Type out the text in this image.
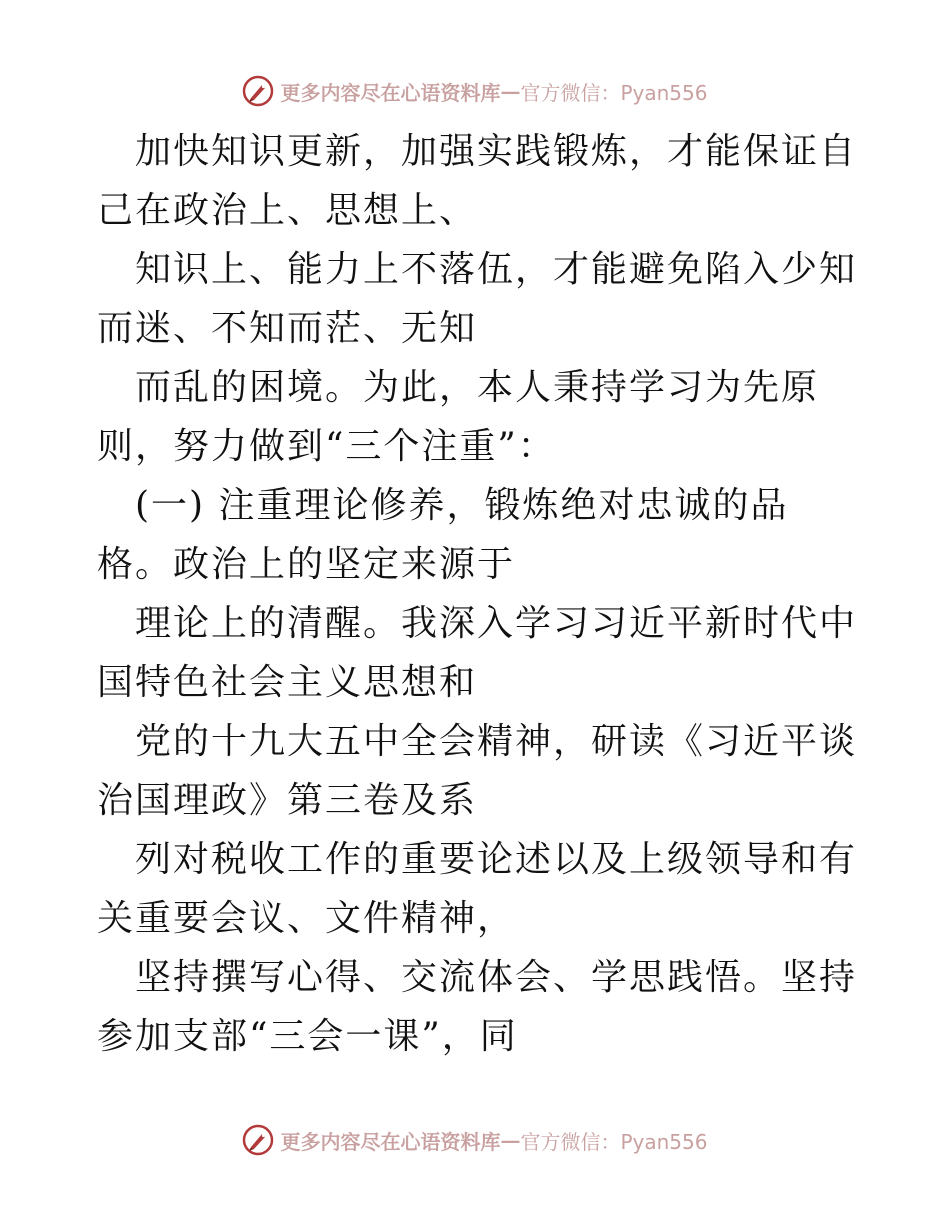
更多内容尽在心语资料库 — 官方微信：Pyan556

加快知识更新，加强实践锻炼，才能保证自己在政治上、思想上、

知识上、能力上不落伍，才能避免陷入少知而迷、不知而茫、无知

而乱的困境。为此，本人秉持学习为先原则，努力做到“三个注重”：

(一) 注重理论修养，锻炼绝对忠诚的品格。政治上的坚定来源于

理论上的清醒。我深入学习习近平新时代中国特色社会主义思想和

党的十九大五中全会精神，研读《习近平谈治国理政》第三卷及系

列对税收工作的重要论述以及上级领导和有关重要会议、文件精神，

坚持撰写心得、交流体会、学思践悟。坚持参加支部“三会一课”，同

更多内容尽在心语资料库 — 官方微信：Pyan556
